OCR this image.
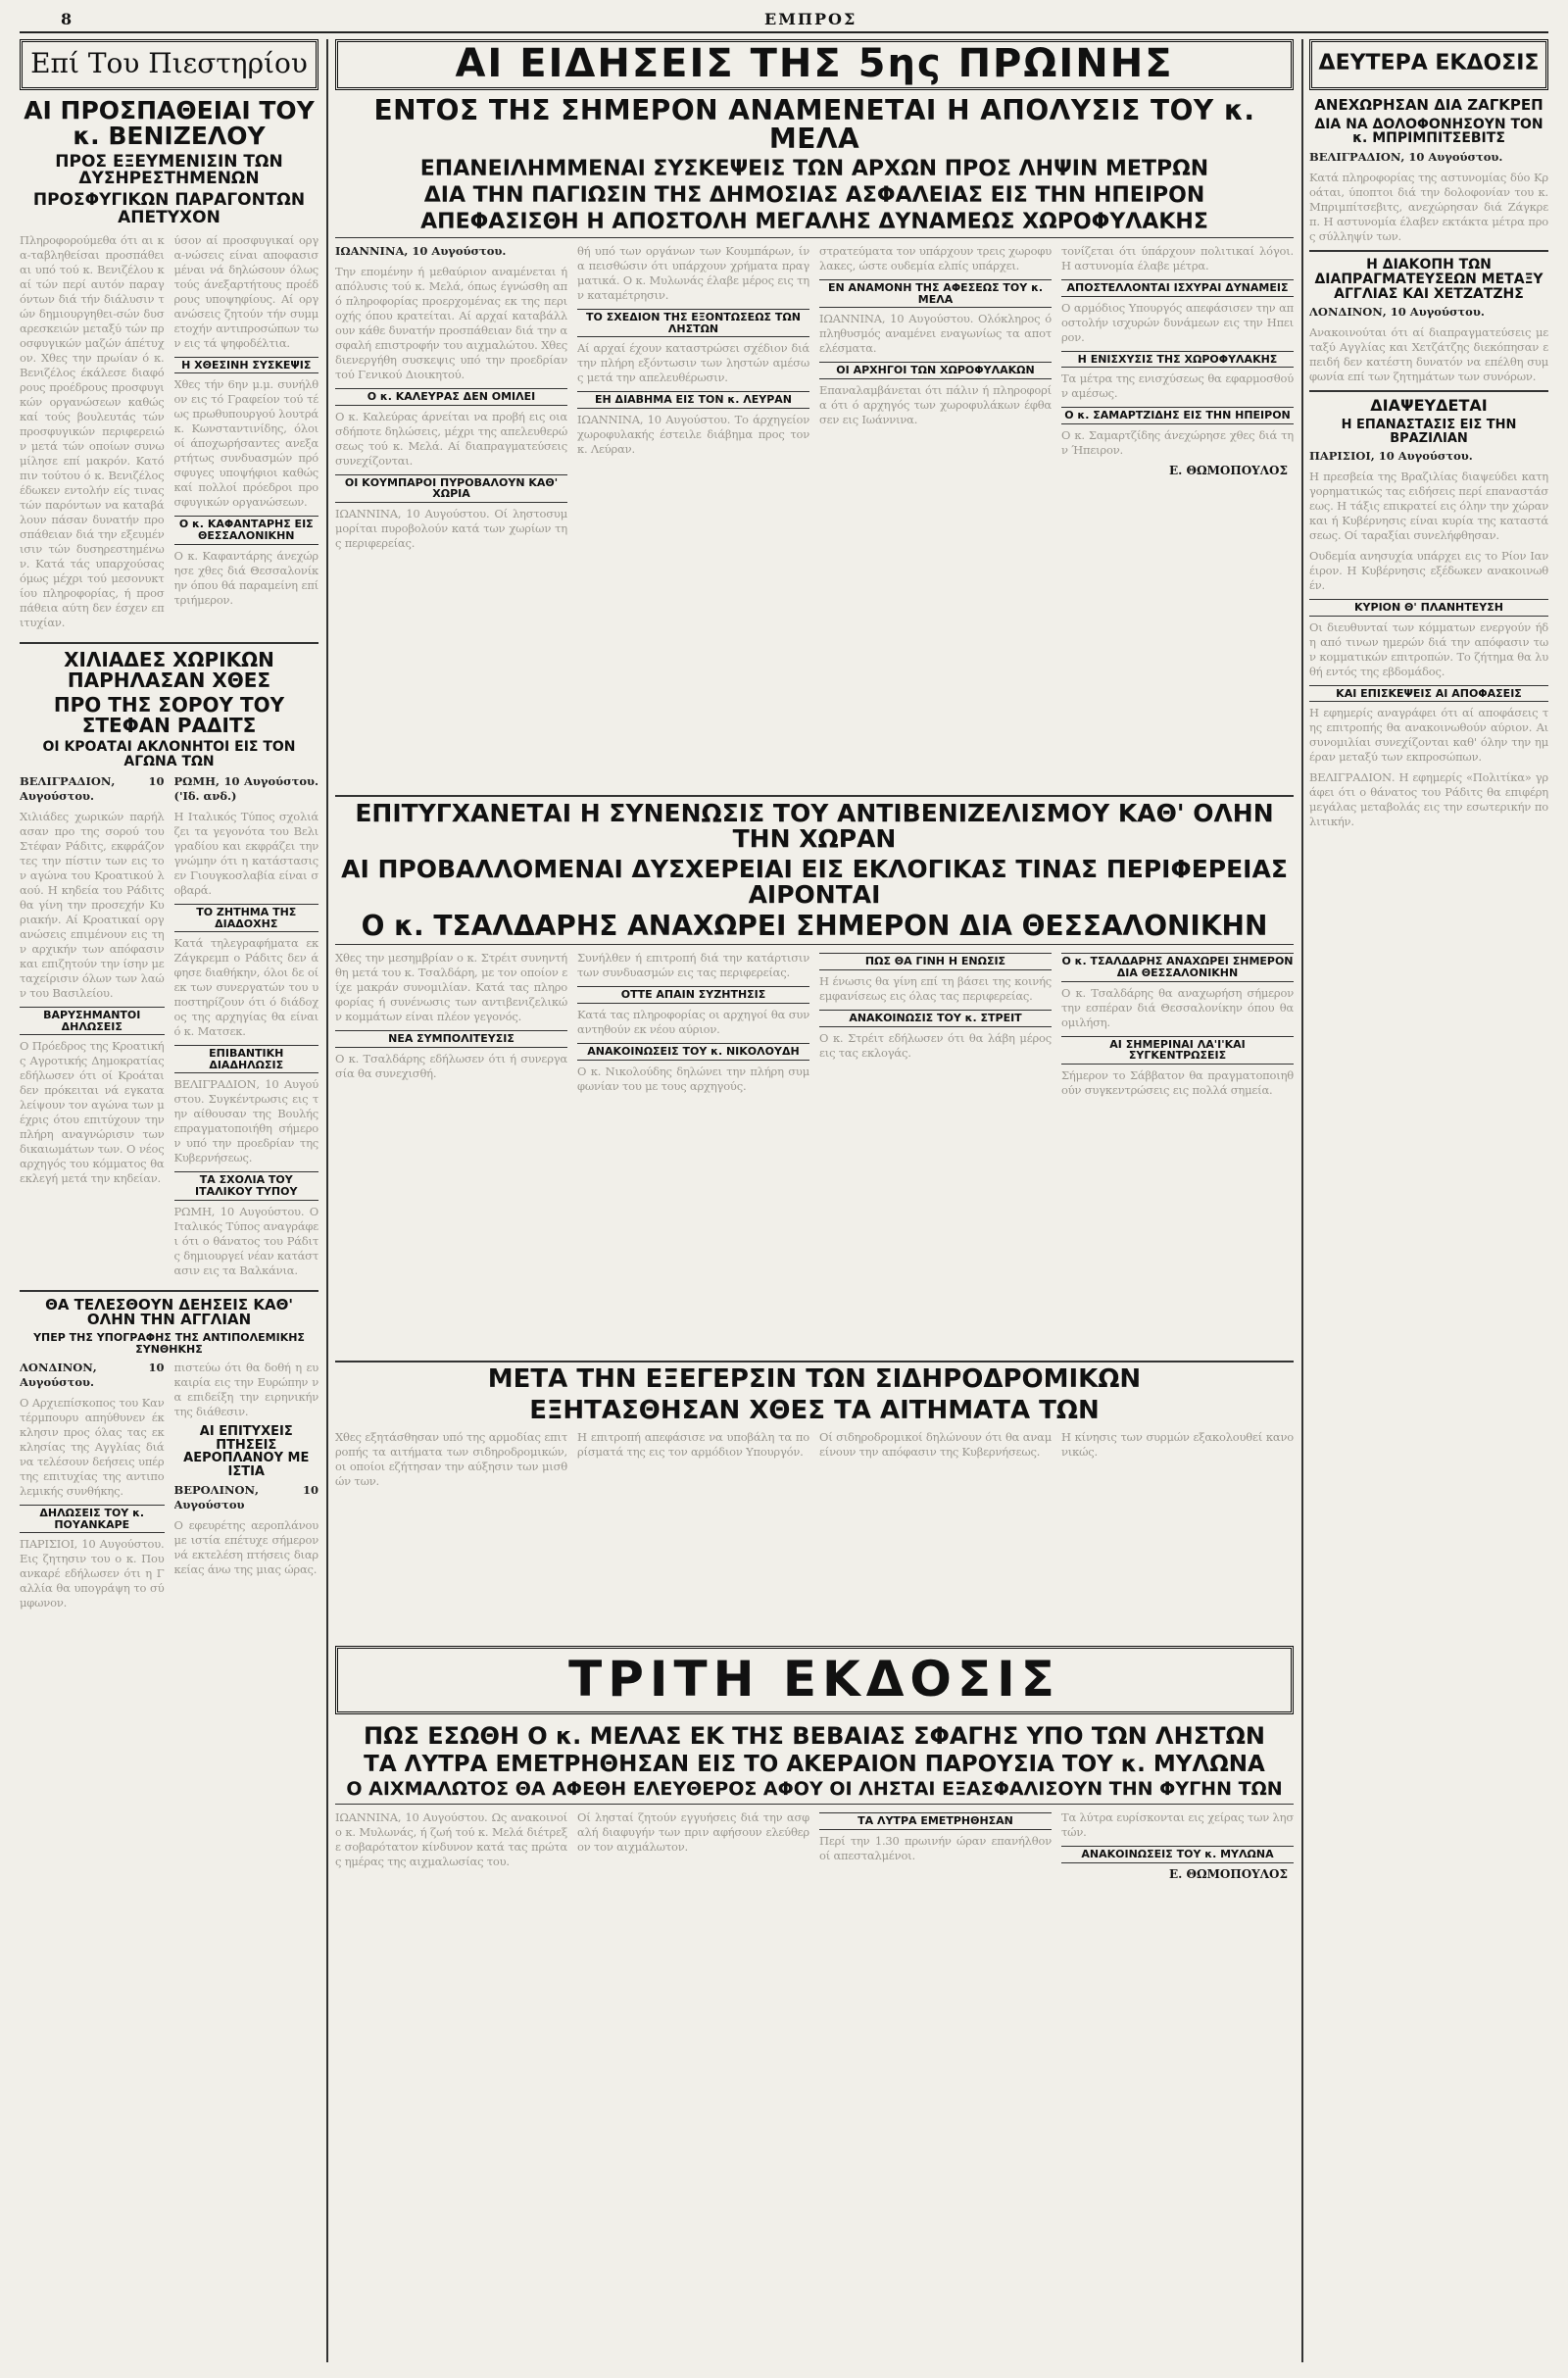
8	ΕΜΠΡΟΣ
Επί Του Πιεστηρίου
ΑΙ ΠΡΟΣΠΑΘΕΙΑΙ ΤΟΥ κ. ΒΕΝΙΖΕΛΟΥ
ΠΡΟΣ ΕΞΕΥΜΕΝΙΣΙΝ ΤΩΝ ΔΥΣΗΡΕΣΤΗΜΕΝΩΝ
ΠΡΟΣΦΥΓΙΚΩΝ ΠΑΡΑΓΟΝΤΩΝ ΑΠΕΤΥΧΟΝ

Πληροφορούμεθα ότι αι κα-ταβληθείσαι προσπάθειαι υπό τού κ. Βενιζέλου καί τών περί αυτόν παραγόντων διά τήν διάλυσιν τών δημιουργηθει-σών δυσαρεσκειών μεταξύ τών προσφυγικών μαζών άπέτυχον. Χθες την πρωίαν ό κ. Βενιζέλος έκάλεσε διαφόρους προέδρους προσφυγικών οργανώσεων καθώς καί τούς βουλευτάς τών προσφυγικών περιφερειών μετά τών οποίων συνωμίλησε επί μακρόν. Κατόπιν τούτου ό κ. Βενιζέλος έδωκεν εντολήν είς τινας τών παρόντων να καταβάλουν πάσαν δυνατήν προσπάθειαν διά την εξευμένισιν τών δυσηρεστημένων. Κατά τάς υπαρχούσας όμως μέχρι τού μεσονυκτίου πληροφορίας, ή προσπάθεια αύτη δεν έσχεν επιτυχίαν.

ύσον αί προσφυγικαί οργα-νώσεις είναι αποφασισμέναι νά δηλώσουν όλως τούς άνεξαρτήτους προέδρους υποψηφίους. Αί οργανώσεις ζητούν τήν συμμετοχήν αντιπροσώπων των εις τά ψηφοδέλτια.

Η ΧΘΕΣΙΝΗ ΣΥΣΚΕΨΙΣ

Χθες τήν 6ην μ.μ. συνήλθον εις τό Γραφείον τού τέως πρωθυπουργού λουτρά κ. Κωνσταντινίδης, όλοι οί άποχωρήσαντες ανεξαρτήτως συνδυασμών πρόσφυγες υποψήφιοι καθώς καί πολλοί πρόεδροι προσφυγικών οργανώσεων.

Ο κ. ΚΑΦΑΝΤΑΡΗΣ ΕΙΣ ΘΕΣΣΑΛΟΝΙΚΗΝ

Ο κ. Καφαντάρης άνεχώρησε χθες διά Θεσσαλονίκην όπου θά παραμείνη επί τριήμερον.

ΧΙΛΙΑΔΕΣ ΧΩΡΙΚΩΝ ΠΑΡΗΛΑΣΑΝ ΧΘΕΣ
ΠΡΟ ΤΗΣ ΣΟΡΟΥ ΤΟΥ ΣΤΕΦΑΝ ΡΑΔΙΤΣ
ΟΙ ΚΡΟΑΤΑΙ ΑΚΛΟΝΗΤΟΙ ΕΙΣ ΤΟΝ ΑΓΩΝΑ ΤΩΝ

ΒΕΛΙΓΡΑΔΙΟΝ, 10 Αυγούστου.

Χιλιάδες χωρικών παρήλασαν προ της σορού του Στέφαν Ράδιτς, εκφράζοντες την πίστιν των εις τον αγώνα του Κροατικού λαού. Η κηδεία του Ράδιτς θα γίνη την προσεχήν Κυριακήν. Αί Κροατικαί οργανώσεις επιμένουν εις την αρχικήν των απόφασιν και επιζητούν την ίσην μεταχείρισιν όλων των λαών του Βασιλείου.

ΒΑΡΥΣΗΜΑΝΤΟΙ ΔΗΛΩΣΕΙΣ

Ο Πρόεδρος της Κροατικής Αγροτικής Δημοκρατίας εδήλωσεν ότι οί Κροάται δεν πρόκειται νά εγκαταλείψουν τον αγώνα των μέχρις ότου επιτύχουν την πλήρη αναγνώρισιν των δικαιωμάτων των. Ο νέος αρχηγός του κόμματος θα εκλεγή μετά την κηδείαν.

ΡΩΜΗ, 10 Αυγούστου. ('Ιδ. ανδ.)

Η Ιταλικός Τύπος σχολιάζει τα γεγονότα του Βελιγραδίου και εκφράζει την γνώμην ότι η κατάστασις εν Γιουγκοσλαβία είναι σοβαρά.

ΤΟ ΖΗΤΗΜΑ ΤΗΣ ΔΙΑΔΟΧΗΣ

Κατά τηλεγραφήματα εκ Ζάγκρεμπ ο Ράδιτς δεν άφησε διαθήκην, όλοι δε οί εκ των συνεργατών του υποστηρίζουν ότι ό διάδοχος της αρχηγίας θα είναι ό κ. Ματσεκ.

ΕΠΙΒΑΝΤΙΚΗ ΔΙΑΔΗΛΩΣΙΣ

ΒΕΛΙΓΡΑΔΙΟΝ, 10 Αυγούστου. Συγκέντρωσις εις την αίθουσαν της Βουλής επραγματοποιήθη σήμερον υπό την προεδρίαν της Κυβερνήσεως.

ΤΑ ΣΧΟΛΙΑ ΤΟΥ ΙΤΑΛΙΚΟΥ ΤΥΠΟΥ

ΡΩΜΗ, 10 Αυγούστου. Ο Ιταλικός Τύπος αναγράφει ότι ο θάνατος του Ράδιτς δημιουργεί νέαν κατάστασιν εις τα Βαλκάνια.

ΘΑ ΤΕΛΕΣΘΟΥΝ ΔΕΗΣΕΙΣ ΚΑΘ' ΟΛΗΝ ΤΗΝ ΑΓΓΛΙΑΝ
ΥΠΕΡ ΤΗΣ ΥΠΟΓΡΑΦΗΣ ΤΗΣ ΑΝΤΙΠΟΛΕΜΙΚΗΣ ΣΥΝΘΗΚΗΣ

ΛΟΝΔΙΝΟΝ, 10 Αυγούστου.

Ο Αρχιεπίσκοπος του Καντέρμπουρυ απηύθυνεν έκκλησιν προς όλας τας εκκλησίας της Αγγλίας διά να τελέσουν δεήσεις υπέρ της επιτυχίας της αντιπολεμικής συνθήκης.

ΔΗΛΩΣΕΙΣ ΤΟΥ κ. ΠΟΥΑΝΚΑΡΕ

ΠΑΡΙΣΙΟΙ, 10 Αυγούστου. Εις ζητησιν του ο κ. Πουανκαρέ εδήλωσεν ότι η Γαλλία θα υπογράψη το σύμφωνον.

πιστεύω ότι θα δοθή η ευκαιρία εις την Ευρώπην να επιδείξη την ειρηνικήν της διάθεσιν.

ΑΙ ΕΠΙΤΥΧΕΙΣ ΠΤΗΣΕΙΣ ΑΕΡΟΠΛΑΝΟΥ ΜΕ ΙΣΤΙΑ

ΒΕΡΟΛΙΝΟΝ, 10 Αυγούστου

Ο εφευρέτης αεροπλάνου με ιστία επέτυχε σήμερον νά εκτελέση πτήσεις διαρκείας άνω της μιας ώρας.

ΑΙ ΕΙΔΗΣΕΙΣ ΤΗΣ 5ης ΠΡΩΙΝΗΣ
ΕΝΤΟΣ ΤΗΣ ΣΗΜΕΡΟΝ ΑΝΑΜΕΝΕΤΑΙ Η ΑΠΟΛΥΣΙΣ ΤΟΥ κ. ΜΕΛΑ
ΕΠΑΝΕΙΛΗΜΜΕΝΑΙ ΣΥΣΚΕΨΕΙΣ ΤΩΝ ΑΡΧΩΝ ΠΡΟΣ ΛΗΨΙΝ ΜΕΤΡΩΝ
ΔΙΑ ΤΗΝ ΠΑΓΙΩΣΙΝ ΤΗΣ ΔΗΜΟΣΙΑΣ ΑΣΦΑΛΕΙΑΣ ΕΙΣ ΤΗΝ ΗΠΕΙΡΟΝ
ΑΠΕΦΑΣΙΣΘΗ Η ΑΠΟΣΤΟΛΗ ΜΕΓΑΛΗΣ ΔΥΝΑΜΕΩΣ ΧΩΡΟΦΥΛΑΚΗΣ

ΙΩΑΝΝΙΝΑ, 10 Αυγούστου.

Την επομένην ή μεθαύριον αναμένεται ή απόλυσις τού κ. Μελά, όπως έγνώσθη από πληροφορίας προερχομένας εκ της περιοχής όπου κρατείται. Αί αρχαί καταβάλλουν κάθε δυνατήν προσπάθειαν διά την ασφαλή επιστροφήν του αιχμαλώτου. Χθες διενεργήθη συσκεψις υπό την προεδρίαν τού Γενικού Διοικητού.

Ο κ. ΚΑΛΕΥΡΑΣ ΔΕΝ ΟΜΙΛΕΙ

Ο κ. Καλεύρας άρνείται να προβή εις οιασδήποτε δηλώσεις, μέχρι της απελευθερώσεως τού κ. Μελά. Αί διαπραγματεύσεις συνεχίζονται.

ΟΙ ΚΟΥΜΠΑΡΟΙ ΠΥΡΟΒΑΛΟΥΝ ΚΑΘ' ΧΩΡΙΑ

ΙΩΑΝΝΙΝΑ, 10 Αυγούστου. Οί ληστοσυμμορίται πυροβολούν κατά των χωρίων της περιφερείας.

θή υπό των οργάνων των Κουμπάρων, ίνα πεισθώσιν ότι υπάρχουν χρήματα πραγματικά. Ο κ. Μυλωνάς έλαβε μέρος εις την καταμέτρησιν.

ΤΟ ΣΧΕΔΙΟΝ ΤΗΣ ΕΞΟΝΤΩΣΕΩΣ ΤΩΝ ΛΗΣΤΩΝ

Αί αρχαί έχουν καταστρώσει σχέδιον διά την πλήρη εξόντωσιν των ληστών αμέσως μετά την απελευθέρωσιν.

ΕΗ ΔΙΑΒΗΜΑ ΕΙΣ ΤΟΝ κ. ΛΕΥΡΑΝ

ΙΩΑΝΝΙΝΑ, 10 Αυγούστου. Το άρχηγείον χωροφυλακής έστειλε διάβημα προς τον κ. Λεύραν.

στρατεύματα τον υπάρχουν τρεις χωροφυλακες, ώστε ουδεμία ελπίς υπάρχει.

ΕΝ ΑΝΑΜΟΝΗ ΤΗΣ ΑΦΕΣΕΩΣ ΤΟΥ κ. ΜΕΛΑ

ΙΩΑΝΝΙΝΑ, 10 Αυγούστου. Ολόκληρος ό πληθυσμός αναμένει εναγωνίως τα αποτελέσματα.

ΟΙ ΑΡΧΗΓΟΙ ΤΩΝ ΧΩΡΟΦΥΛΑΚΩΝ

Επαναλαμβάνεται ότι πάλιν ή πληροφορία ότι ό αρχηγός των χωροφυλάκων έφθασεν εις Ιωάννινα.

τονίζεται ότι ύπάρχουν πολιτικαί λόγοι. Η αστυνομία έλαβε μέτρα.

ΑΠΟΣΤΕΛΛΟΝΤΑΙ ΙΣΧΥΡΑΙ ΔΥΝΑΜΕΙΣ

Ο αρμόδιος Υπουργός απεφάσισεν την αποστολήν ισχυρών δυνάμεων εις την Ηπειρον.

Η ΕΝΙΣΧΥΣΙΣ ΤΗΣ ΧΩΡΟΦΥΛΑΚΗΣ

Τα μέτρα της ενισχύσεως θα εφαρμοσθούν αμέσως.

Ο κ. ΣΑΜΑΡΤΖΙΔΗΣ ΕΙΣ ΤΗΝ ΗΠΕΙΡΟΝ

Ο κ. Σαμαρτζίδης άνεχώρησε χθες διά την Ήπειρον.

Ε. ΘΩΜΟΠΟΥΛΟΣ
ΕΠΙΤΥΓΧΑΝΕΤΑΙ Η ΣΥΝΕΝΩΣΙΣ ΤΟΥ ΑΝΤΙΒΕΝΙΖΕΛΙΣΜΟΥ ΚΑΘ' ΟΛΗΝ ΤΗΝ ΧΩΡΑΝ
ΑΙ ΠΡΟΒΑΛΛΟΜΕΝΑΙ ΔΥΣΧΕΡΕΙΑΙ ΕΙΣ ΕΚΛΟΓΙΚΑΣ ΤΙΝΑΣ ΠΕΡΙΦΕΡΕΙΑΣ ΑΙΡΟΝΤΑΙ
Ο κ. ΤΣΑΛΔΑΡΗΣ ΑΝΑΧΩΡΕΙ ΣΗΜΕΡΟΝ ΔΙΑ ΘΕΣΣΑΛΟΝΙΚΗΝ

Χθες την μεσημβρίαν ο κ. Στρέιτ συνηντήθη μετά του κ. Τσαλδάρη, με τον οποίον είχε μακράν συνομιλίαν. Κατά τας πληροφορίας ή συνένωσις των αντιβενιζελικών κομμάτων είναι πλέον γεγονός.

ΝΕΑ ΣΥΜΠΟΛΙΤΕΥΣΙΣ

Ο κ. Τσαλδάρης εδήλωσεν ότι ή συνεργασία θα συνεχισθή.

Συνήλθεν ή επιτροπή διά την κατάρτισιν των συνδυασμών εις τας περιφερείας.

ΟΤΤΕ ΑΠΑΙΝ ΣΥΖΗΤΗΣΙΣ

Κατά τας πληροφορίας οι αρχηγοί θα συναντηθούν εκ νέου αύριον.

ΑΝΑΚΟΙΝΩΣΕΙΣ ΤΟΥ κ. ΝΙΚΟΛΟΥΔΗ

Ο κ. Νικολούδης δηλώνει την πλήρη συμφωνίαν του με τους αρχηγούς.

ΠΩΣ ΘΑ ΓΙΝΗ Η ΕΝΩΣΙΣ

Η ένωσις θα γίνη επί τη βάσει της κοινής εμφανίσεως εις όλας τας περιφερείας.

ΑΝΑΚΟΙΝΩΣΙΣ ΤΟΥ κ. ΣΤΡΕΙΤ

Ο κ. Στρέιτ εδήλωσεν ότι θα λάβη μέρος εις τας εκλογάς.

Ο κ. ΤΣΑΛΔΑΡΗΣ ΑΝΑΧΩΡΕΙ ΣΗΜΕΡΟΝ ΔΙΑ ΘΕΣΣΑΛΟΝΙΚΗΝ

Ο κ. Τσαλδάρης θα αναχωρήση σήμερον την εσπέραν διά Θεσσαλονίκην όπου θα ομιλήση.

ΑΙ ΣΗΜΕΡΙΝΑΙ ΛΑ'Ι'ΚΑΙ ΣΥΓΚΕΝΤΡΩΣΕΙΣ

Σήμερον το Σάββατον θα πραγματοποιηθούν συγκεντρώσεις εις πολλά σημεία.

ΜΕΤΑ ΤΗΝ ΕΞΕΓΕΡΣΙΝ ΤΩΝ ΣΙΔΗΡΟΔΡΟΜΙΚΩΝ
ΕΞΗΤΑΣΘΗΣΑΝ ΧΘΕΣ ΤΑ ΑΙΤΗΜΑΤΑ ΤΩΝ

Χθες εξητάσθησαν υπό της αρμοδίας επιτροπής τα αιτήματα των σιδηροδρομικών, οι οποίοι εζήτησαν την αύξησιν των μισθών των.

Η επιτροπή απεφάσισε να υποβάλη τα πορίσματά της εις τον αρμόδιον Υπουργόν.

Οί σιδηροδρομικοί δηλώνουν ότι θα αναμείνουν την απόφασιν της Κυβερνήσεως.

Η κίνησις των συρμών εξακολουθεί κανονικώς.

ΤΡΙΤΗ ΕΚΔΟΣΙΣ
ΠΩΣ ΕΣΩΘΗ Ο κ. ΜΕΛΑΣ ΕΚ ΤΗΣ ΒΕΒΑΙΑΣ ΣΦΑΓΗΣ ΥΠΟ ΤΩΝ ΛΗΣΤΩΝ
ΤΑ ΛΥΤΡΑ ΕΜΕΤΡΗΘΗΣΑΝ ΕΙΣ ΤΟ ΑΚΕΡΑΙΟΝ ΠΑΡΟΥΣΙΑ ΤΟΥ κ. ΜΥΛΩΝΑ
Ο ΑΙΧΜΑΛΩΤΟΣ ΘΑ ΑΦΕΘΗ ΕΛΕΥΘΕΡΟΣ ΑΦΟΥ ΟΙ ΛΗΣΤΑΙ ΕΞΑΣΦΑΛΙΣΟΥΝ ΤΗΝ ΦΥΓΗΝ ΤΩΝ

ΙΩΑΝΝΙΝΑ, 10 Αυγούστου. Ως ανακοινοί ο κ. Μυλωνάς, ή ζωή τού κ. Μελά διέτρεξε σοβαρότατον κίνδυνον κατά τας πρώτας ημέρας της αιχμαλωσίας του.

Οί λησταί ζητούν εγγυήσεις διά την ασφαλή διαφυγήν των πριν αφήσουν ελεύθερον τον αιχμάλωτον.

ΤΑ ΛΥΤΡΑ ΕΜΕΤΡΗΘΗΣΑΝ

Περί την 1.30 πρωινήν ώραν επανήλθον οί απεσταλμένοι.

Τα λύτρα ευρίσκονται εις χείρας των ληστών.

ΑΝΑΚΟΙΝΩΣΕΙΣ ΤΟΥ κ. ΜΥΛΩΝΑ
Ε. ΘΩΜΟΠΟΥΛΟΣ
ΔΕΥΤΕΡΑ ΕΚΔΟΣΙΣ
ΑΝΕΧΩΡΗΣΑΝ ΔΙΑ ΖΑΓΚΡΕΠ
ΔΙΑ ΝΑ ΔΟΛΟΦΟΝΗΣΟΥΝ ΤΟΝ κ. ΜΠΡΙΜΠΙΤΣΕΒΙΤΣ

ΒΕΛΙΓΡΑΔΙΟΝ, 10 Αυγούστου.

Κατά πληροφορίας της αστυνομίας δύο Κροάται, ύποπτοι διά την δολοφονίαν του κ. Μπριμπίτσεβιτς, ανεχώρησαν διά Ζάγκρεπ. Η αστυνομία έλαβεν εκτάκτα μέτρα προς σύλληψίν των.

Η ΔΙΑΚΟΠΗ ΤΩΝ ΔΙΑΠΡΑΓΜΑΤΕΥΣΕΩΝ ΜΕΤΑΞΥ ΑΓΓΛΙΑΣ ΚΑΙ ΧΕΤΖΑΤΖΗΣ

ΛΟΝΔΙΝΟΝ, 10 Αυγούστου.

Ανακοινούται ότι αί διαπραγματεύσεις μεταξύ Αγγλίας και Χετζάτζης διεκόπησαν επειδή δεν κατέστη δυνατόν να επέλθη συμφωνία επί των ζητημάτων των συνόρων.

ΔΙΑΨΕΥΔΕΤΑΙ
Η ΕΠΑΝΑΣΤΑΣΙΣ ΕΙΣ ΤΗΝ ΒΡΑΖΙΛΙΑΝ

ΠΑΡΙΣΙΟΙ, 10 Αυγούστου.

Η πρεσβεία της Βραζιλίας διαψεύδει κατηγορηματικώς τας ειδήσεις περί επαναστάσεως. Η τάξις επικρατεί εις όλην την χώραν και ή Κυβέρνησις είναι κυρία της καταστάσεως. Οί ταραξίαι συνελήφθησαν.

Ουδεμία ανησυχία υπάρχει εις το Ρίον Ιανέιρον. Η Κυβέρνησις εξέδωκεν ανακοινωθέν.

ΚΥΡΙΟΝ Θ' ΠΛΑΝΗΤΕΥΣΗ

Οι διευθυνταί των κόμματων ενεργούν ήδη από τινων ημερών διά την απόφασιν των κομματικών επιτροπών. Το ζήτημα θα λυθή εντός της εβδομάδος.

ΚΑΙ ΕΠΙΣΚΕΨΕΙΣ ΑΙ ΑΠΟΦΑΣΕΙΣ

Η εφημερίς αναγράφει ότι αί αποφάσεις της επιτροπής θα ανακοινωθούν αύριον. Αι συνομιλίαι συνεχίζονται καθ' όλην την ημέραν μεταξύ των εκπροσώπων.

ΒΕΛΙΓΡΑΔΙΟΝ. Η εφημερίς «Πολιτίκα» γράφει ότι ο θάνατος του Ράδιτς θα επιφέρη μεγάλας μεταβολάς εις την εσωτερικήν πολιτικήν.
